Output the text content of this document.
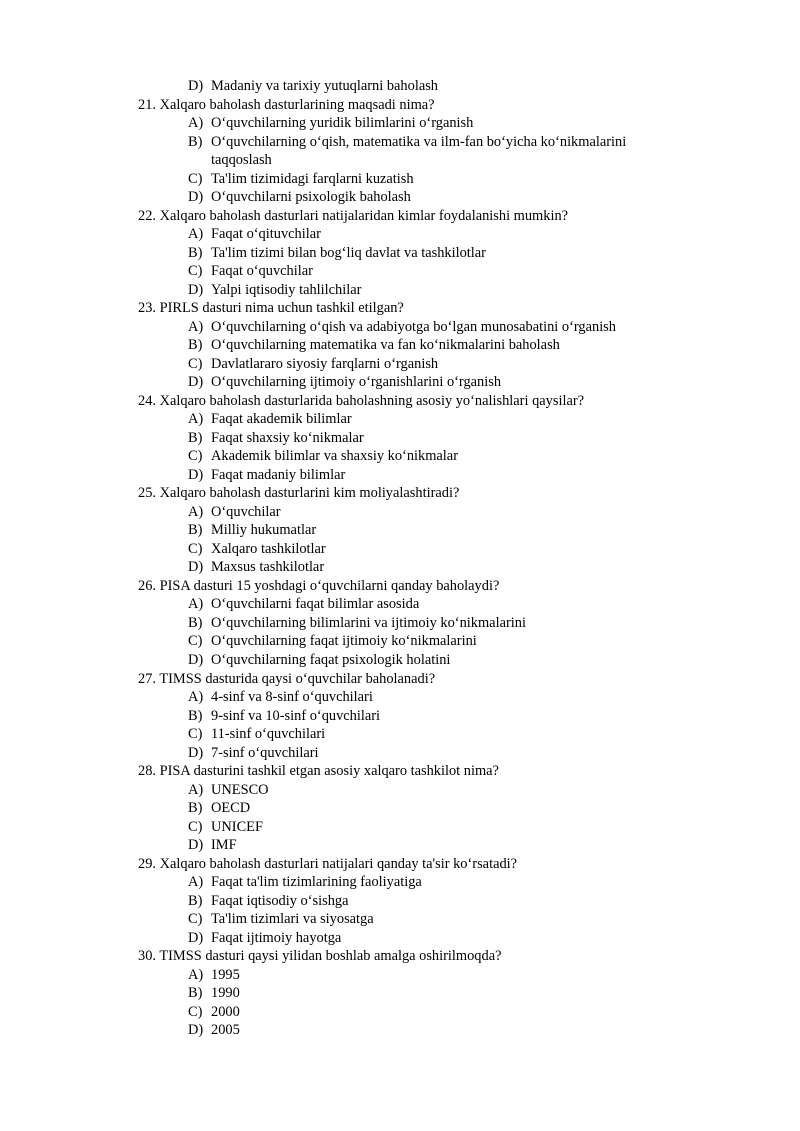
D) Madaniy va tarixiy yutuqlarni baholash
21. Xalqaro baholash dasturlarining maqsadi nima?
A) O‘quvchilarning yuridik bilimlarini o‘rganish
B) O‘quvchilarning o‘qish, matematika va ilm-fan bo‘yicha ko‘nikmalarini
taqqoslash
C) Ta'lim tizimidagi farqlarni kuzatish
D) O‘quvchilarni psixologik baholash
22. Xalqaro baholash dasturlari natijalaridan kimlar foydalanishi mumkin?
A) Faqat o‘qituvchilar
B) Ta'lim tizimi bilan bog‘liq davlat va tashkilotlar
C) Faqat o‘quvchilar
D) Yalpi iqtisodiy tahlilchilar
23. PIRLS dasturi nima uchun tashkil etilgan?
A) O‘quvchilarning o‘qish va adabiyotga bo‘lgan munosabatini o‘rganish
B) O‘quvchilarning matematika va fan ko‘nikmalarini baholash
C) Davlatlararo siyosiy farqlarni o‘rganish
D) O‘quvchilarning ijtimoiy o‘rganishlarini o‘rganish
24. Xalqaro baholash dasturlarida baholashning asosiy yo‘nalishlari qaysilar?
A) Faqat akademik bilimlar
B) Faqat shaxsiy ko‘nikmalar
C) Akademik bilimlar va shaxsiy ko‘nikmalar
D) Faqat madaniy bilimlar
25. Xalqaro baholash dasturlarini kim moliyalashtiradi?
A) O‘quvchilar
B) Milliy hukumatlar
C) Xalqaro tashkilotlar
D) Maxsus tashkilotlar
26. PISA dasturi 15 yoshdagi o‘quvchilarni qanday baholaydi?
A) O‘quvchilarni faqat bilimlar asosida
B) O‘quvchilarning bilimlarini va ijtimoiy ko‘nikmalarini
C) O‘quvchilarning faqat ijtimoiy ko‘nikmalarini
D) O‘quvchilarning faqat psixologik holatini
27. TIMSS dasturida qaysi o‘quvchilar baholanadi?
A) 4-sinf va 8-sinf o‘quvchilari
B) 9-sinf va 10-sinf o‘quvchilari
C) 11-sinf o‘quvchilari
D) 7-sinf o‘quvchilari
28. PISA dasturini tashkil etgan asosiy xalqaro tashkilot nima?
A) UNESCO
B) OECD
C) UNICEF
D) IMF
29. Xalqaro baholash dasturlari natijalari qanday ta'sir ko‘rsatadi?
A) Faqat ta'lim tizimlarining faoliyatiga
B) Faqat iqtisodiy o‘sishga
C) Ta'lim tizimlari va siyosatga
D) Faqat ijtimoiy hayotga
30. TIMSS dasturi qaysi yilidan boshlab amalga oshirilmoqda?
A) 1995
B) 1990
C) 2000
D) 2005
